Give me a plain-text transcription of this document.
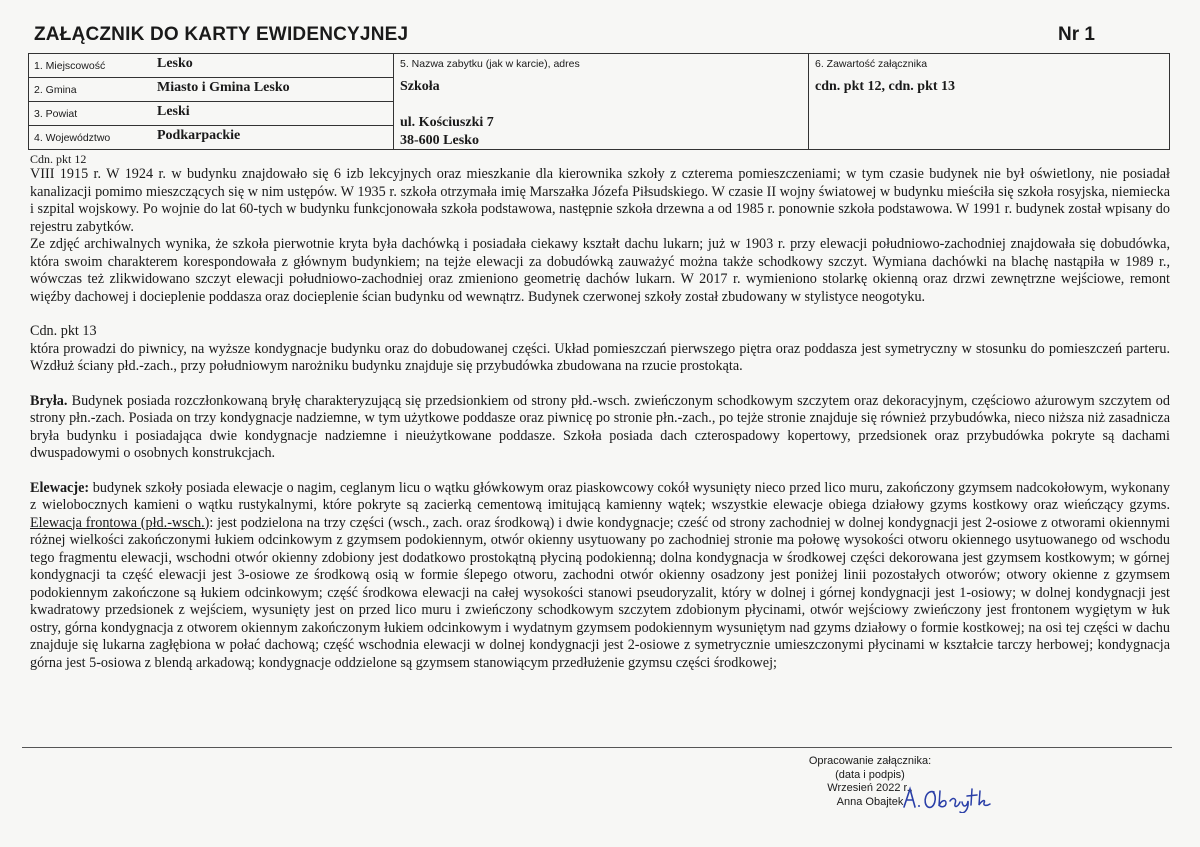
ZAŁĄCZNIK DO KARTY EWIDENCYJNEJ	Nr 1
1. Miejscowość	Lesko
2. Gmina	Miasto i Gmina Lesko
3. Powiat	Leski
4. Województwo	Podkarpackie
5. Nazwa zabytku (jak w karcie), adres
Szkoła
ul. Kościuszki 7
38-600 Lesko
6. Zawartość załącznika
cdn. pkt 12, cdn. pkt 13

Cdn. pkt 12

VIII 1915 r. W 1924 r. w budynku znajdowało się 6 izb lekcyjnych oraz mieszkanie dla kierownika szkoły z czterema pomieszczeniami; w tym czasie budynek nie był oświetlony, nie posiadał kanalizacji pomimo mieszczących się w nim ustępów. W 1935 r. szkoła otrzymała imię Marszałka Józefa Piłsudskiego. W czasie II wojny światowej w budynku mieściła się szkoła rosyjska, niemiecka i szpital wojskowy. Po wojnie do lat 60-tych w budynku funkcjonowała szkoła podstawowa, następnie szkoła drzewna a od 1985 r. ponownie szkoła podstawowa. W 1991 r. budynek został wpisany do rejestru zabytków.

Ze zdjęć archiwalnych wynika, że szkoła pierwotnie kryta była dachówką i posiadała ciekawy kształt dachu lukarn; już w 1903 r. przy elewacji południowo-zachodniej znajdowała się dobudówka, która swoim charakterem korespondowała z głównym budynkiem; na tejże elewacji za dobudówką zauważyć można także schodkowy szczyt. Wymiana dachówki na blachę nastąpiła w 1989 r., wówczas też zlikwidowano szczyt elewacji południowo-zachodniej oraz zmieniono geometrię dachów lukarn. W 2017 r. wymieniono stolarkę okienną oraz drzwi zewnętrzne wejściowe, remont więźby dachowej i docieplenie poddasza oraz docieplenie ścian budynku od wewnątrz. Budynek czerwonej szkoły został zbudowany w stylistyce neogotyku.

Cdn. pkt 13

która prowadzi do piwnicy, na wyższe kondygnacje budynku oraz do dobudowanej części. Układ pomieszczań pierwszego piętra oraz poddasza jest symetryczny w stosunku do pomieszczeń parteru. Wzdłuż ściany płd.-zach., przy południowym narożniku budynku znajduje się przybudówka zbudowana na rzucie prostokąta.

Bryła. Budynek posiada rozczłonkowaną bryłę charakteryzującą się przedsionkiem od strony płd.-wsch. zwieńczonym schodkowym szczytem oraz dekoracyjnym, częściowo ażurowym szczytem od strony płn.-zach. Posiada on trzy kondygnacje nadziemne, w tym użytkowe poddasze oraz piwnicę po stronie płn.-zach., po tejże stronie znajduje się również przybudówka, nieco niższa niż zasadnicza bryła budynku i posiadająca dwie kondygnacje nadziemne i nieużytkowane poddasze. Szkoła posiada dach czterospadowy kopertowy, przedsionek oraz przybudówka pokryte są dachami dwuspadowymi o osobnych konstrukcjach.

Elewacje: budynek szkoły posiada elewacje o nagim, ceglanym licu o wątku główkowym oraz piaskowcowy cokół wysunięty nieco przed lico muru, zakończony gzymsem nadcokołowym, wykonany z wielobocznych kamieni o wątku rustykalnymi, które pokryte są zacierką cementową imitującą kamienny wątek; wszystkie elewacje obiega działowy gzyms kostkowy oraz wieńczący gzyms. Elewacja frontowa (płd.-wsch.): jest podzielona na trzy części (wsch., zach. oraz środkową) i dwie kondygnacje; cześć od strony zachodniej w dolnej kondygnacji jest 2-osiowe z otworami okiennymi różnej wielkości zakończonymi łukiem odcinkowym z gzymsem podokiennym, otwór okienny usytuowany po zachodniej stronie ma połowę wysokości otworu okiennego usytuowanego od wschodu tego fragmentu elewacji, wschodni otwór okienny zdobiony jest dodatkowo prostokątną płyciną podokienną; dolna kondygnacja w środkowej części dekorowana jest gzymsem kostkowym; w górnej kondygnacji ta część elewacji jest 3-osiowe ze środkową osią w formie ślepego otworu, zachodni otwór okienny osadzony jest poniżej linii pozostałych otworów; otwory okienne z gzymsem podokiennym zakończone są łukiem odcinkowym; część środkowa elewacji na całej wysokości stanowi pseudoryzalit, który w dolnej i górnej kondygnacji jest 1-osiowy; w dolnej kondygnacji jest kwadratowy przedsionek z wejściem, wysunięty jest on przed lico muru i zwieńczony schodkowym szczytem zdobionym płycinami, otwór wejściowy zwieńczony jest frontonem wygiętym w łuk ostry, górna kondygnacja z otworem okiennym zakończonym łukiem odcinkowym i wydatnym gzymsem podokiennym wysuniętym nad gzyms działowy o formie kostkowej; na osi tej części w dachu znajduje się lukarna zagłębiona w połać dachową; część wschodnia elewacji w dolnej kondygnacji jest 2-osiowe z symetrycznie umieszczonymi płycinami w kształcie tarczy herbowej; kondygnacja górna jest 5-osiowa z blendą arkadową; kondygnacje oddzielone są gzymsem stanowiącym przedłużenie gzymsu części środkowej;

Opracowanie załącznika:
(data i podpis)
Wrzesień 2022 r.,
Anna Obajtek
